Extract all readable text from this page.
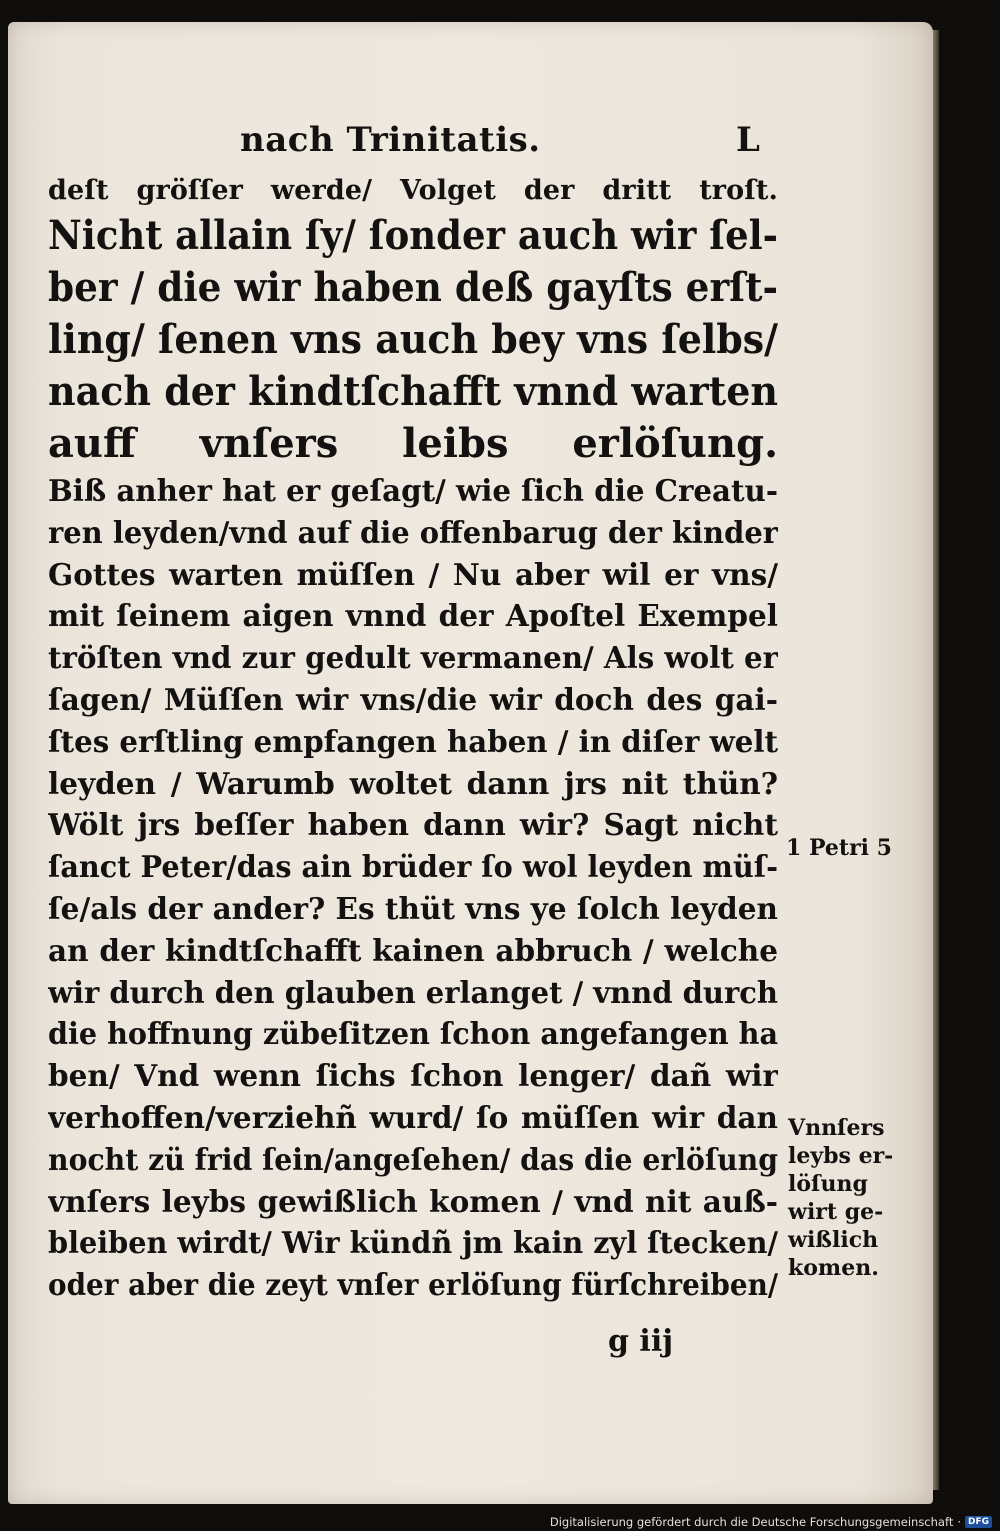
nach Trinitatis.	L
deſt gröſſer werde/ Volget der dritt troſt.
Nicht allain ſy/ ſonder auch wir ſel-
ber / die wir haben deß gayſts erſt-
ling/ ſenen vns auch bey vns ſelbs/
nach der kindtſchafft vnnd warten
auff vnſers leibs erlöſung.
Biß anher hat er geſagt/ wie ſich die Creatu-
ren leyden/vnd auf die offenbarug der kinder
Gottes warten müſſen / Nu aber wil er vns/
mit ſeinem aigen vnnd der Apoſtel Exempel
tröſten vnd zur gedult vermanen/ Als wolt er
ſagen/ Müſſen wir vns/die wir doch des gai-
ſtes erſtling empfangen haben / in diſer welt
leyden / Warumb woltet dann jrs nit thün?
Wölt jrs beſſer haben dann wir? Sagt nicht
ſanct Peter/das ain brüder ſo wol leyden müſ-
ſe/als der ander? Es thüt vns ye ſolch leyden
an der kindtſchafft kainen abbruch / welche
wir durch den glauben erlanget / vnnd durch
die hoffnung zübeſitzen ſchon angefangen ha
ben/ Vnd wenn ſichs ſchon lenger/ dañ wir
verhoffen/verziehñ wurd/ ſo müſſen wir dan
nocht zü frid ſein/angeſehen/ das die erlöſung
vnſers leybs gewißlich komen / vnd nit auß-
bleiben wirdt/ Wir kündñ jm kain zyl ſtecken/
oder aber die zeyt vnſer erlöſung fürſchreiben/
1 Petri 5
Vnnſers
leybs er-
löſung
wirt ge-
wißlich
komen.
g iij
Digitalisierung gefördert durch die Deutsche Forschungsgemeinschaft · DFG
